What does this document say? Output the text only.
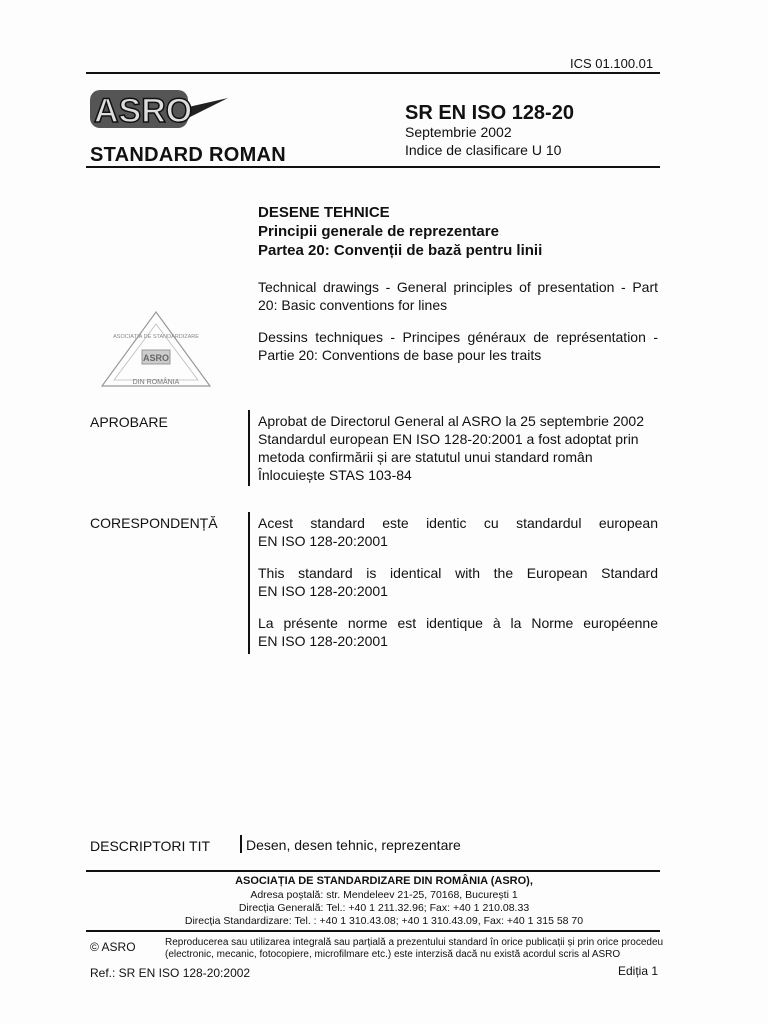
ICS 01.100.01
ASRO
STANDARD ROMAN
SR EN ISO 128-20
Septembrie 2002
Indice de clasificare U 10
DESENE TEHNICE
Principii generale de reprezentare
Partea 20: Convenții de bază pentru linii
Technical drawings - General principles of presentation - Part
20: Basic conventions for lines
Dessins techniques - Principes généraux de représentation -
Partie 20: Conventions de base pour les traits
ASOCIAȚIA DE STANDARDIZARE
ASRO
DIN ROMÂNIA
APROBARE	Aprobat de Directorul General al ASRO la 25 septembrie 2002
Standardul european EN ISO 128-20:2001 a fost adoptat prin
metoda confirmării și are statutul unui standard român
Înlocuiește STAS 103-84
CORESPONDENȚĂ	Acest standard este identic cu standardul european
EN ISO 128-20:2001
This standard is identical with the European Standard
EN ISO 128-20:2001
La présente norme est identique à la Norme européenne
EN ISO 128-20:2001
DESCRIPTORI TIT	Desen, desen tehnic, reprezentare
ASOCIAȚIA DE STANDARDIZARE DIN ROMÂNIA (ASRO),
Adresa poștală: str. Mendeleev 21-25, 70168, București 1
Direcția Generală: Tel.: +40 1 211.32.96; Fax: +40 1 210.08.33
Direcția Standardizare: Tel. : +40 1 310.43.08; +40 1 310.43.09, Fax: +40 1 315 58 70
© ASRO	Reproducerea sau utilizarea integrală sau parțială a prezentului standard în orice publicații și prin orice procedeu
(electronic, mecanic, fotocopiere, microfilmare etc.) este interzisă dacă nu există acordul scris al ASRO
Ref.: SR EN ISO 128-20:2002	Ediția 1
